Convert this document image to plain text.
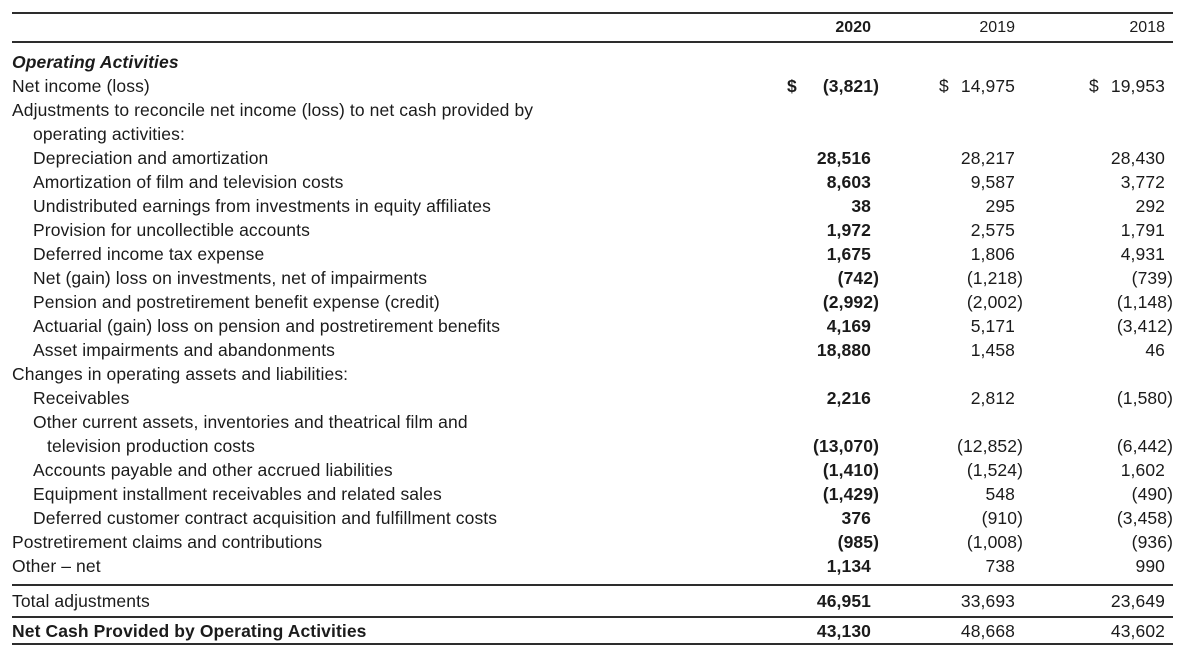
2020	2019	2018
Operating Activities
Net income (loss)	$ (3,821)	$ 14,975	$ 19,953
Adjustments to reconcile net income (loss) to net cash provided by
operating activities:
Depreciation and amortization	28,516	28,217	28,430
Amortization of film and television costs	8,603	9,587	3,772
Undistributed earnings from investments in equity affiliates	38	295	292
Provision for uncollectible accounts	1,972	2,575	1,791
Deferred income tax expense	1,675	1,806	4,931
Net (gain) loss on investments, net of impairments	(742)	(1,218)	(739)
Pension and postretirement benefit expense (credit)	(2,992)	(2,002)	(1,148)
Actuarial (gain) loss on pension and postretirement benefits	4,169	5,171	(3,412)
Asset impairments and abandonments	18,880	1,458	46
Changes in operating assets and liabilities:
Receivables	2,216	2,812	(1,580)
Other current assets, inventories and theatrical film and
television production costs	(13,070)	(12,852)	(6,442)
Accounts payable and other accrued liabilities	(1,410)	(1,524)	1,602
Equipment installment receivables and related sales	(1,429)	548	(490)
Deferred customer contract acquisition and fulfillment costs	376	(910)	(3,458)
Postretirement claims and contributions	(985)	(1,008)	(936)
Other – net	1,134	738	990
Total adjustments	46,951	33,693	23,649
Net Cash Provided by Operating Activities	43,130	48,668	43,602
